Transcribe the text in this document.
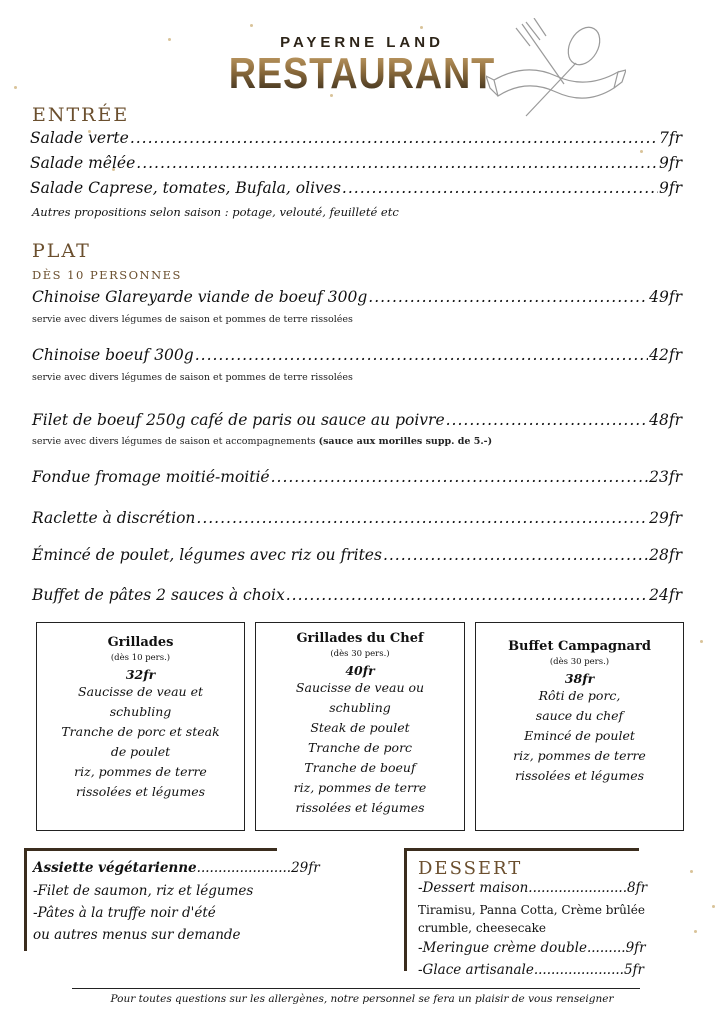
PAYERNE LAND
RESTAURANT
ENTRÉE
Salade verte .....	7fr
Salade mêlée .....	9fr
Salade Caprese, tomates, Bufala, olives .....	9fr
Autres propositions selon saison : potage, velouté, feuilleté etc
PLAT
DÈS 10 PERSONNES
Chinoise Glareyarde viande de boeuf 300g .....	49fr
servie avec divers légumes de saison et pommes de terre rissolées
Chinoise boeuf 300g .....	42fr
servie avec divers légumes de saison et pommes de terre rissolées
Filet de boeuf 250g café de paris ou sauce au poivre .....	48fr
servie avec divers légumes de saison et accompagnements (sauce aux morilles supp. de 5.-)
Fondue fromage moitié-moitié .....	23fr
Raclette à discrétion .....	29fr
Émincé de poulet, légumes avec riz ou frites .....	28fr
Buffet de pâtes 2 sauces à choix .....	24fr
Grillades
(dès 10 pers.)
32fr
Saucisse de veau et
schubling
Tranche de porc et steak
de poulet
riz, pommes de terre
rissolées et légumes
Grillades du Chef
(dès 30 pers.)
40fr
Saucisse de veau ou
schubling
Steak de poulet
Tranche de porc
Tranche de boeuf
riz, pommes de terre
rissolées et légumes
Buffet Campagnard
(dès 30 pers.)
38fr
Rôti de porc,
sauce du chef
Emincé de poulet
riz, pommes de terre
rissolées et légumes
Assiette végétarienne......................29fr
-Filet de saumon, riz et légumes
-Pâtes à la truffe noir d'été
ou autres menus sur demande
DESSERT
-Dessert maison.......................8fr
Tiramisu, Panna Cotta, Crème brûlée
crumble, cheesecake
-Meringue crème double.........9fr
-Glace artisanale.....................5fr
Pour toutes questions sur les allergènes, notre personnel se fera un plaisir de vous renseigner
